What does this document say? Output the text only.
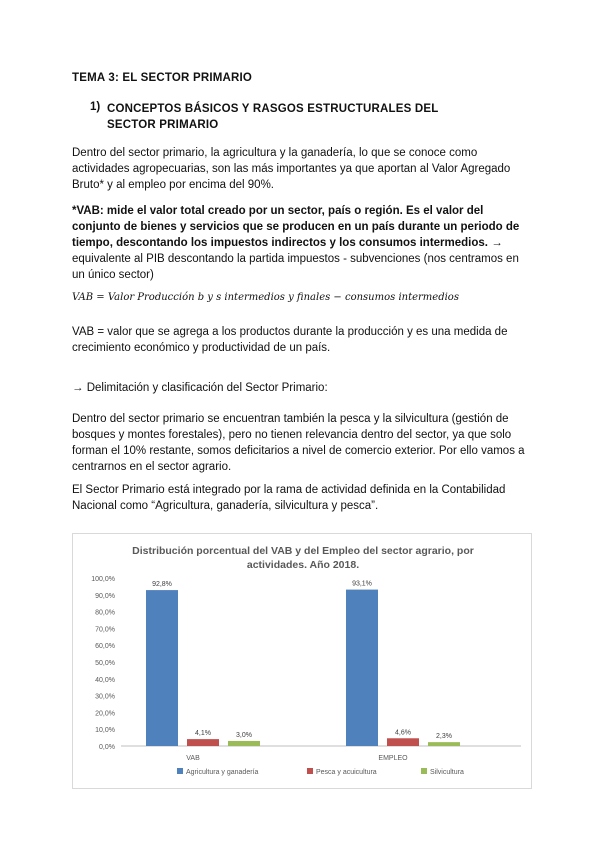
TEMA 3: EL SECTOR PRIMARIO
1) CONCEPTOS BÁSICOS Y RASGOS ESTRUCTURALES DEL SECTOR PRIMARIO
Dentro del sector primario, la agricultura y la ganadería, lo que se conoce como actividades agropecuarias, son las más importantes ya que aportan al Valor Agregado Bruto* y al empleo por encima del 90%.
*VAB: mide el valor total creado por un sector, país o región. Es el valor del conjunto de bienes y servicios que se producen en un país durante un periodo de tiempo, descontando los impuestos indirectos y los consumos intermedios. → equivalente al PIB descontando la partida impuestos - subvenciones (nos centramos en un único sector)
VAB = Valor Producción b y s intermedios y finales − consumos intermedios
VAB = valor que se agrega a los productos durante la producción y es una medida de crecimiento económico y productividad de un país.
→ Delimitación y clasificación del Sector Primario:
Dentro del sector primario se encuentran también la pesca y la silvicultura (gestión de bosques y montes forestales), pero no tienen relevancia dentro del sector, ya que solo forman el 10% restante, somos deficitarios a nivel de comercio exterior. Por ello vamos a centrarnos en el sector agrario.
El Sector Primario está integrado por la rama de actividad definida en la Contabilidad Nacional como “Agricultura, ganadería, silvicultura y pesca”.
Distribución porcentual del VAB y del Empleo del sector agrario, por actividades. Año 2018.
0,0%
10,0%
20,0%
30,0%
40,0%
50,0%
60,0%
70,0%
80,0%
90,0%
100,0%
92,8%
4,1%	3,0%
VAB
93,1%
4,6%
2,3%
EMPLEO
Agricultura y ganadería	Pesca y acuicultura	Silvicultura
